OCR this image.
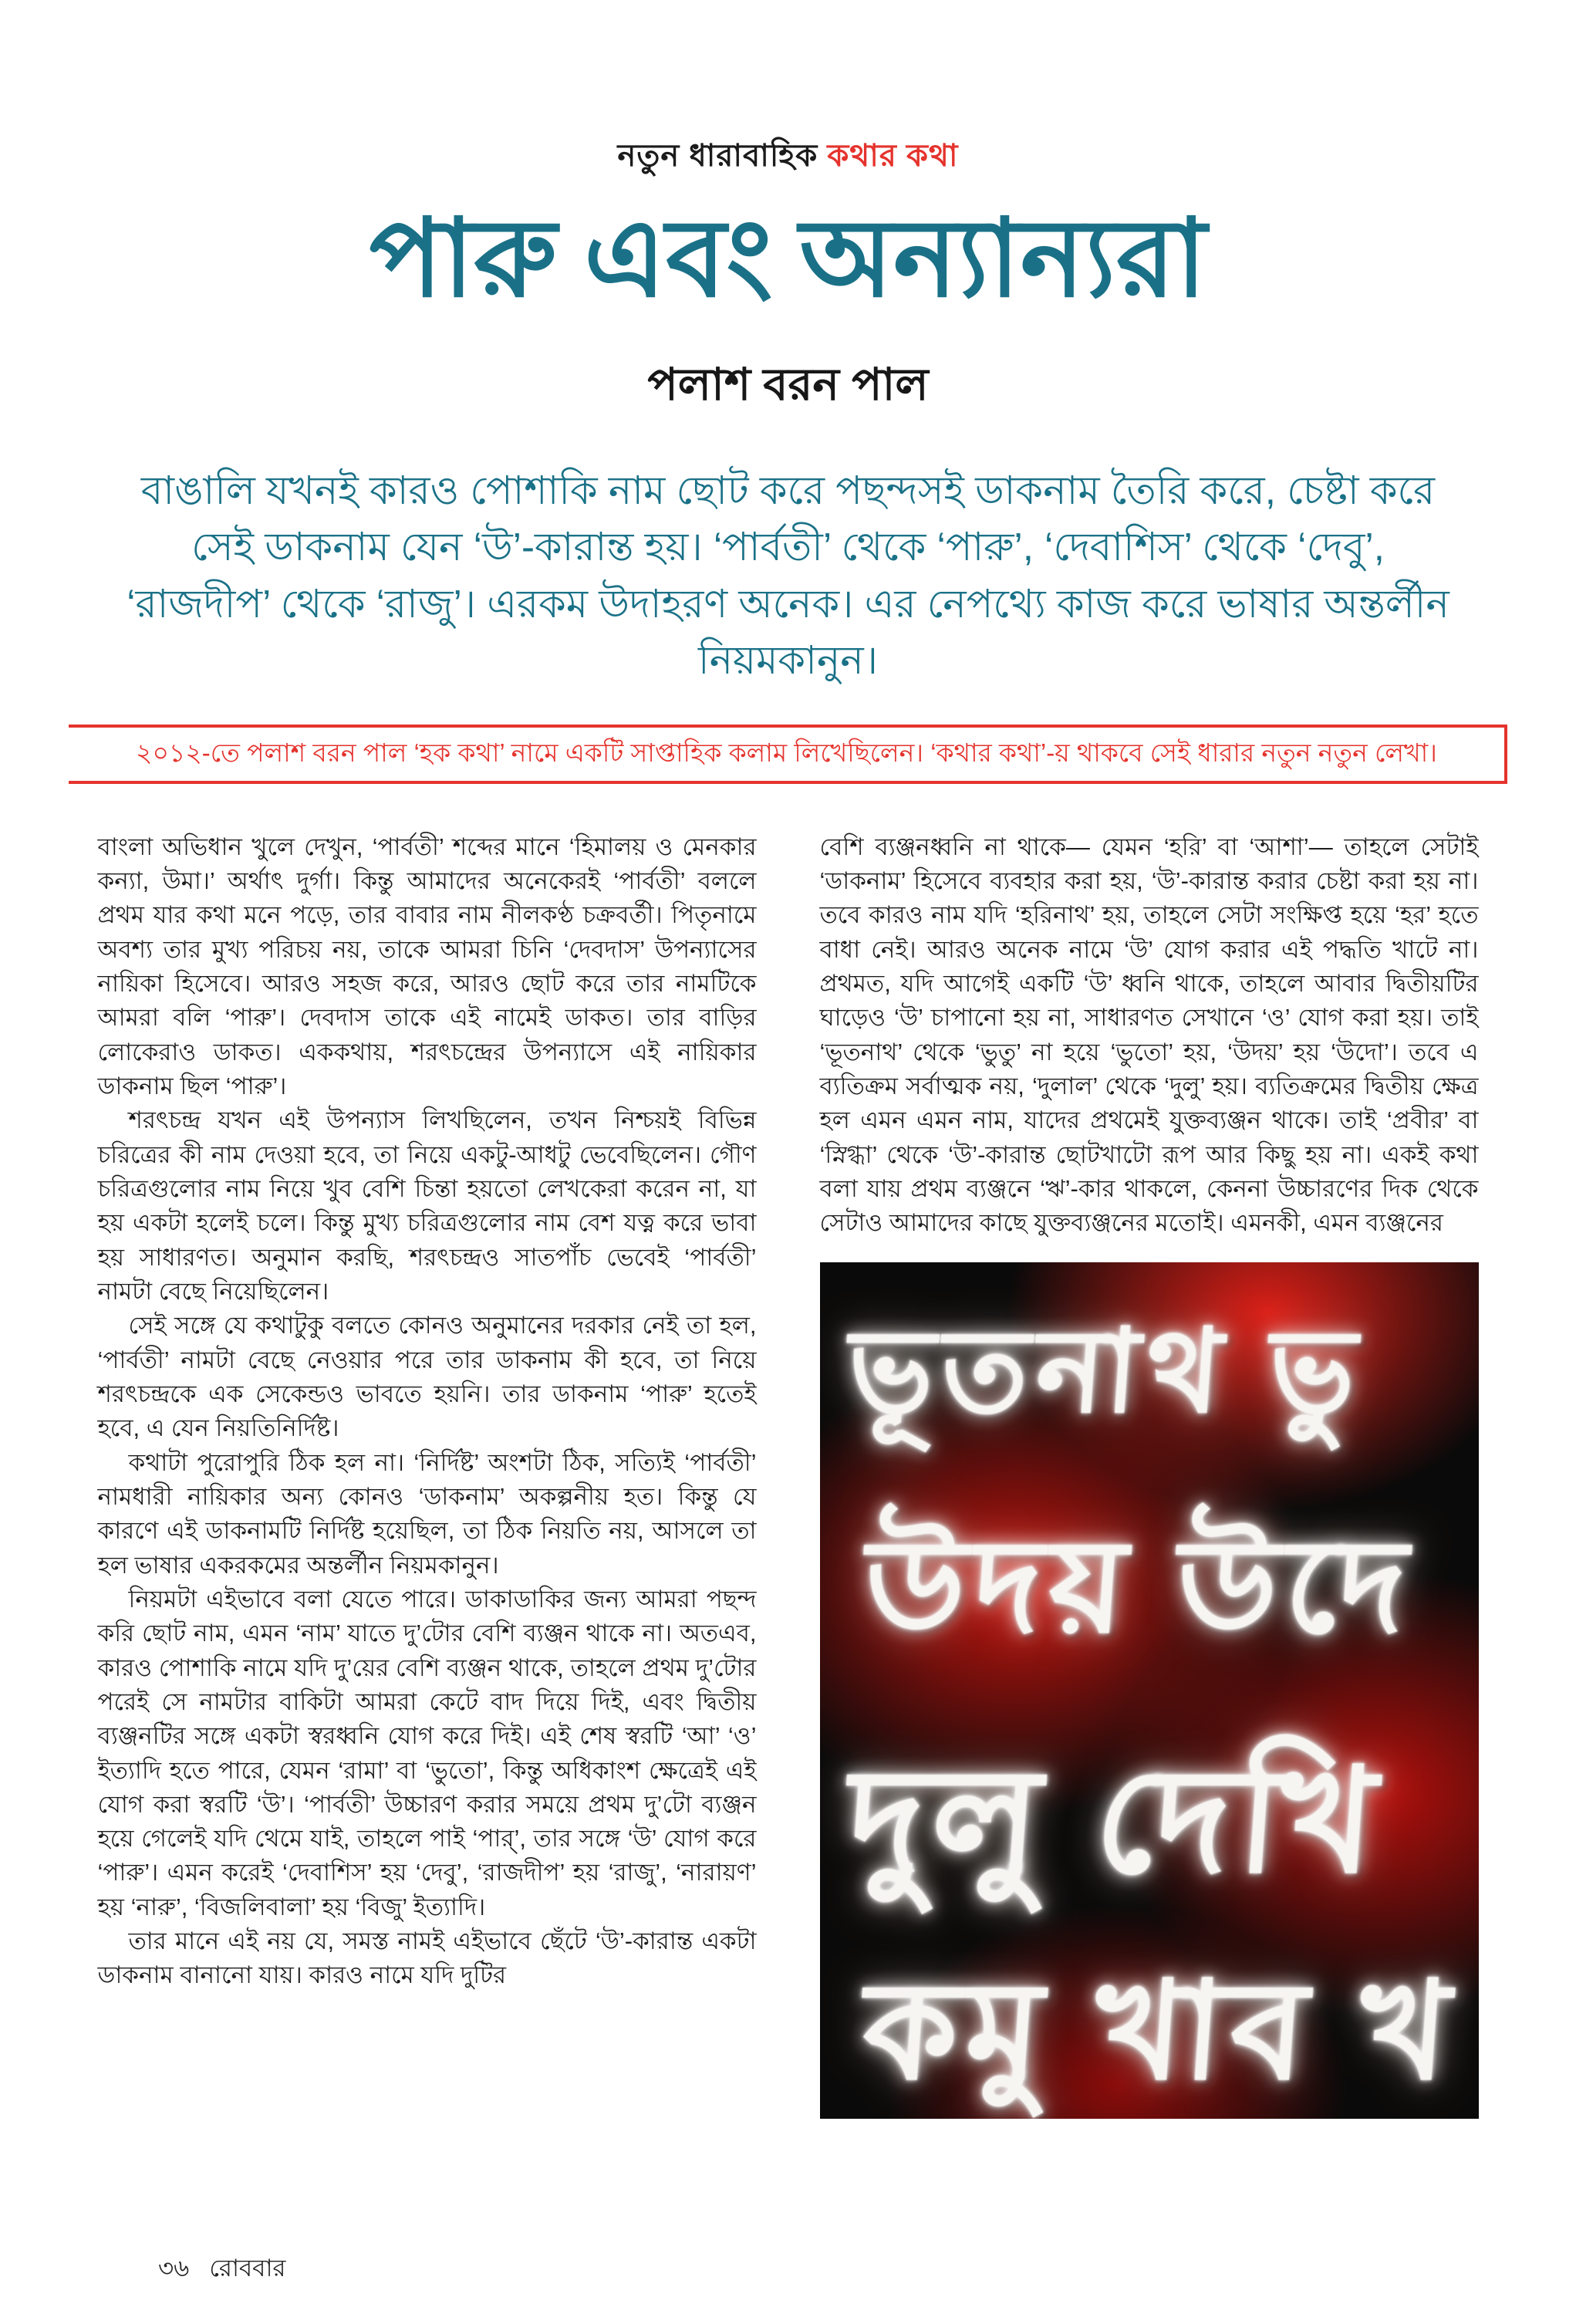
নতুন ধারাবাহিক কথার কথা
পারু এবং অন্যান্যরা
পলাশ বরন পাল
বাঙালি যখনই কারও পোশাকি নাম ছোট করে পছন্দসই ডাকনাম তৈরি করে, চেষ্টা করে সেই ডাকনাম যেন ‘উ’-কারান্ত হয়। ‘পার্বতী’ থেকে ‘পারু’, ‘দেবাশিস’ থেকে ‘দেবু’, ‘রাজদীপ’ থেকে ‘রাজু’। এরকম উদাহরণ অনেক। এর নেপথ্যে কাজ করে ভাষার অন্তর্লীন নিয়মকানুন।
২০১২-তে পলাশ বরন পাল ‘হক কথা’ নামে একটি সাপ্তাহিক কলাম লিখেছিলেন। ‘কথার কথা’-য় থাকবে সেই ধারার নতুন নতুন লেখা।

বাংলা অভিধান খুলে দেখুন, ‘পার্বতী’ শব্দের মানে ‘হিমালয় ও মেনকার কন্যা, উমা।’ অর্থাৎ দুর্গা। কিন্তু আমাদের অনেকেরই ‘পার্বতী’ বললে প্রথম যার কথা মনে পড়ে, তার বাবার নাম নীলকণ্ঠ চক্রবর্তী। পিতৃনামে অবশ্য তার মুখ্য পরিচয় নয়, তাকে আমরা চিনি ‘দেবদাস’ উপন্যাসের নায়িকা হিসেবে। আরও সহজ করে, আরও ছোট করে তার নামটিকে আমরা বলি ‘পারু’। দেবদাস তাকে এই নামেই ডাকত। তার বাড়ির লোকেরাও ডাকত। এককথায়, শরৎচন্দ্রের উপন্যাসে এই নায়িকার ডাকনাম ছিল ‘পারু’।

শরৎচন্দ্র যখন এই উপন্যাস লিখছিলেন, তখন নিশ্চয়ই বিভিন্ন চরিত্রের কী নাম দেওয়া হবে, তা নিয়ে একটু-আধটু ভেবেছিলেন। গৌণ চরিত্রগুলোর নাম নিয়ে খুব বেশি চিন্তা হয়তো লেখকেরা করেন না, যা হয় একটা হলেই চলে। কিন্তু মুখ্য চরিত্রগুলোর নাম বেশ যত্ন করে ভাবা হয় সাধারণত। অনুমান করছি, শরৎচন্দ্রও সাতপাঁচ ভেবেই ‘পার্বতী’ নামটা বেছে নিয়েছিলেন।

সেই সঙ্গে যে কথাটুকু বলতে কোনও অনুমানের দরকার নেই তা হল, ‘পার্বতী’ নামটা বেছে নেওয়ার পরে তার ডাকনাম কী হবে, তা নিয়ে শরৎচন্দ্রকে এক সেকেন্ডও ভাবতে হয়নি। তার ডাকনাম ‘পারু’ হতেই হবে, এ যেন নিয়তিনির্দিষ্ট।

কথাটা পুরোপুরি ঠিক হল না। ‘নির্দিষ্ট’ অংশটা ঠিক, সত্যিই ‘পার্বতী’ নামধারী নায়িকার অন্য কোনও ‘ডাকনাম’ অকল্পনীয় হত। কিন্তু যে কারণে এই ডাকনামটি নির্দিষ্ট হয়েছিল, তা ঠিক নিয়তি নয়, আসলে তা হল ভাষার একরকমের অন্তর্লীন নিয়মকানুন।

নিয়মটা এইভাবে বলা যেতে পারে। ডাকাডাকির জন্য আমরা পছন্দ করি ছোট নাম, এমন ‘নাম’ যাতে দু’টোর বেশি ব্যঞ্জন থাকে না। অতএব, কারও পোশাকি নামে যদি দু’য়ের বেশি ব্যঞ্জন থাকে, তাহলে প্রথম দু’টোর পরেই সে নামটার বাকিটা আমরা কেটে বাদ দিয়ে দিই, এবং দ্বিতীয় ব্যঞ্জনটির সঙ্গে একটা স্বরধ্বনি যোগ করে দিই। এই শেষ স্বরটি ‘আ’ ‘ও’ ইত্যাদি হতে পারে, যেমন ‘রামা’ বা ‘ভুতো’, কিন্তু অধিকাংশ ক্ষেত্রেই এই যোগ করা স্বরটি ‘উ’। ‘পার্বতী’ উচ্চারণ করার সময়ে প্রথম দু’টো ব্যঞ্জন হয়ে গেলেই যদি থেমে যাই, তাহলে পাই ‘পার্’, তার সঙ্গে ‘উ’ যোগ করে ‘পারু’। এমন করেই ‘দেবাশিস’ হয় ‘দেবু’, ‘রাজদীপ’ হয় ‘রাজু’, ‘নারায়ণ’ হয় ‘নারু’, ‘বিজলিবালা’ হয় ‘বিজু’ ইত্যাদি।

তার মানে এই নয় যে, সমস্ত নামই এইভাবে ছেঁটে ‘উ’-কারান্ত একটা ডাকনাম বানানো যায়। কারও নামে যদি দুটির

বেশি ব্যঞ্জনধ্বনি না থাকে— যেমন ‘হরি’ বা ‘আশা’— তাহলে সেটাই ‘ডাকনাম’ হিসেবে ব্যবহার করা হয়, ‘উ’-কারান্ত করার চেষ্টা করা হয় না। তবে কারও নাম যদি ‘হরিনাথ’ হয়, তাহলে সেটা সংক্ষিপ্ত হয়ে ‘হর’ হতে বাধা নেই। আরও অনেক নামে ‘উ’ যোগ করার এই পদ্ধতি খাটে না। প্রথমত, যদি আগেই একটি ‘উ’ ধ্বনি থাকে, তাহলে আবার দ্বিতীয়টির ঘাড়েও ‘উ’ চাপানো হয় না, সাধারণত সেখানে ‘ও’ যোগ করা হয়। তাই ‘ভূতনাথ’ থেকে ‘ভুতু’ না হয়ে ‘ভুতো’ হয়, ‘উদয়’ হয় ‘উদো’। তবে এ ব্যতিক্রম সর্বাত্মক নয়, ‘দুলাল’ থেকে ‘দুলু’ হয়। ব্যতিক্রমের দ্বিতীয় ক্ষেত্র হল এমন এমন নাম, যাদের প্রথমেই যুক্তব্যঞ্জন থাকে। তাই ‘প্রবীর’ বা ‘স্নিগ্ধা’ থেকে ‘উ’-কারান্ত ছোটখাটো রূপ আর কিছু হয় না। একই কথা বলা যায় প্রথম ব্যঞ্জনে ‘ঋ’-কার থাকলে, কেননা উচ্চারণের দিক থেকে সেটাও আমাদের কাছে যুক্তব্যঞ্জনের মতোই। এমনকী, এমন ব্যঞ্জনের

ভূতনাথ ভু
উদয় উদে
দুলু দেখি
কমু খাব খ
৩৬ রোববার
